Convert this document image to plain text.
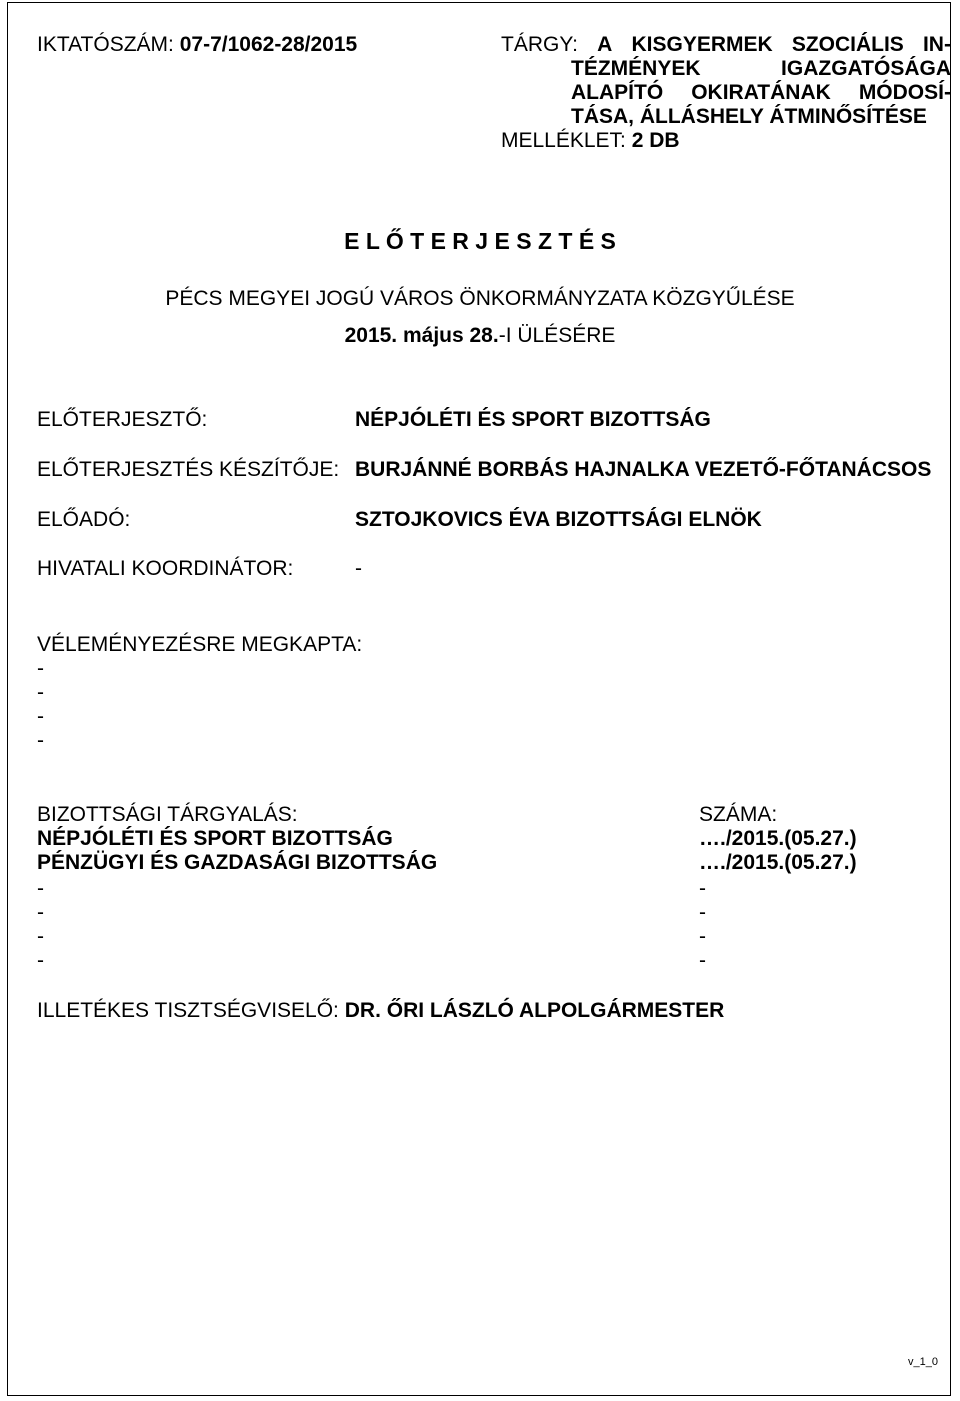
IKTATÓSZÁM: 07-7/1062-28/2015	TÁRGY: A KISGYERMEK SZOCIÁLIS IN-
TÉZMÉNYEK	IGAZGATÓSÁGA
ALAPÍTÓ OKIRATÁNAK MÓDOSÍ-
TÁSA, ÁLLÁSHELY ÁTMINŐSÍTÉSE
MELLÉKLET:
2 DB
E L Ő T E R J E S Z T É S
PÉCS MEGYEI JOGÚ VÁROS ÖNKORMÁNYZATA KÖZGYŰLÉSE
2015. május 28.-I ÜLÉSÉRE
ELŐTERJESZTŐ:	NÉPJÓLÉTI ÉS SPORT BIZOTTSÁG
ELŐTERJESZTÉS KÉSZÍTŐJE: BURJÁNNÉ BORBÁS HAJNALKA VEZETŐ-FŐTANÁCSOS
ELŐADÓ:	SZTOJKOVICS ÉVA BIZOTTSÁGI ELNÖK
HIVATALI KOORDINÁTOR:	-
VÉLEMÉNYEZÉSRE MEGKAPTA:
-
-
-
-
BIZOTTSÁGI TÁRGYALÁS:	SZÁMA:
NÉPJÓLÉTI ÉS SPORT BIZOTTSÁG	…./2015.(05.27.)
PÉNZÜGYI ÉS GAZDASÁGI BIZOTTSÁG	…./2015.(05.27.)
-	-
-	-
-	-
-	-
ILLETÉKES TISZTSÉGVISELŐ: DR. ŐRI LÁSZLÓ ALPOLGÁRMESTER
v_1_0
